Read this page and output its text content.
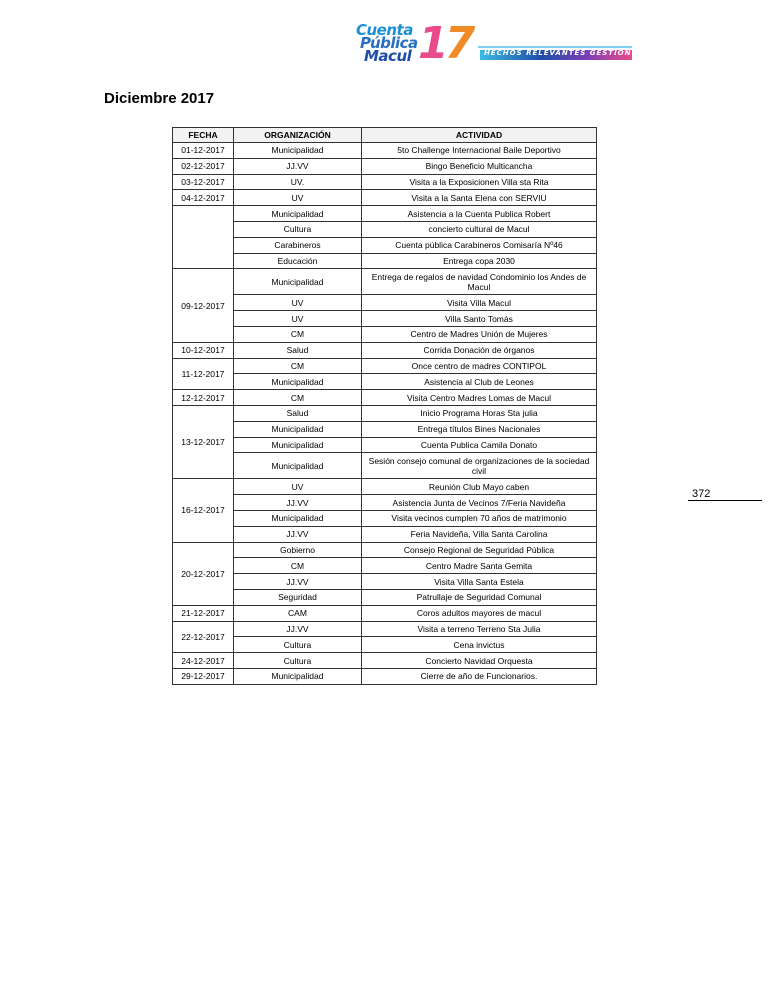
Cuenta
Pública
Macul 17 HECHOS RELEVANTES GESTION 2017
Diciembre 2017
FECHA	ORGANIZACIÓN	ACTIVIDAD
01-12-2017	Municipalidad	5to Challenge Internacional Baile Deportivo
02-12-2017	JJ.VV	Bingo Beneficio Multicancha
03-12-2017	UV.	Visita a la Exposicionen Villa sta Rita
04-12-2017	UV	Visita a la Santa Elena con SERVIU
	Municipalidad	Asistencia a la Cuenta Publica Robert
	Cultura	concierto cultural de Macul
	Carabineros	Cuenta pública Carabineros Comisaría Nº46
	Educación	Entrega copa 2030
09-12-2017	Municipalidad	Entrega de regalos de navidad Condominio los Andes de Macul
	UV	Visita Villa Macul
	UV	Villa Santo Tomás
	CM	Centro de Madres Unión de Mujeres
10-12-2017	Salud	Corrida Donación de órganos
11-12-2017	CM	Once centro de madres CONTIPOL
	Municipalidad	Asistencia al Club de Leones
12-12-2017	CM	Visita Centro Madres Lomas de Macul
13-12-2017	Salud	Inicio Programa Horas Sta julia
	Municipalidad	Entrega títulos Bines Nacionales
	Municipalidad	Cuenta Publica Camila Donato
	Municipalidad	Sesión consejo comunal de organizaciones de la sociedad civil
16-12-2017	UV	Reunión Club Mayo caben
	JJ.VV	Asistencia Junta de Vecinos 7/Feria Navideña
	Municipalidad	Visita vecinos cumplen 70 años de matrimonio
	JJ.VV	Feria Navideña, Villa Santa Carolina
20-12-2017	Gobierno	Consejo Regional de Seguridad Pública
	CM	Centro Madre Santa Gemita
	JJ.VV	Visita Villa Santa Estela
	Seguridad	Patrullaje de Seguridad Comunal
21-12-2017	CAM	Coros adultos mayores de macul
22-12-2017	JJ.VV	Visita a terreno Terreno Sta Julia
	Cultura	Cena invictus
24-12-2017	Cultura	Concierto Navidad Orquesta
29-12-2017	Municipalidad	Cierre de año de Funcionarios.
372
